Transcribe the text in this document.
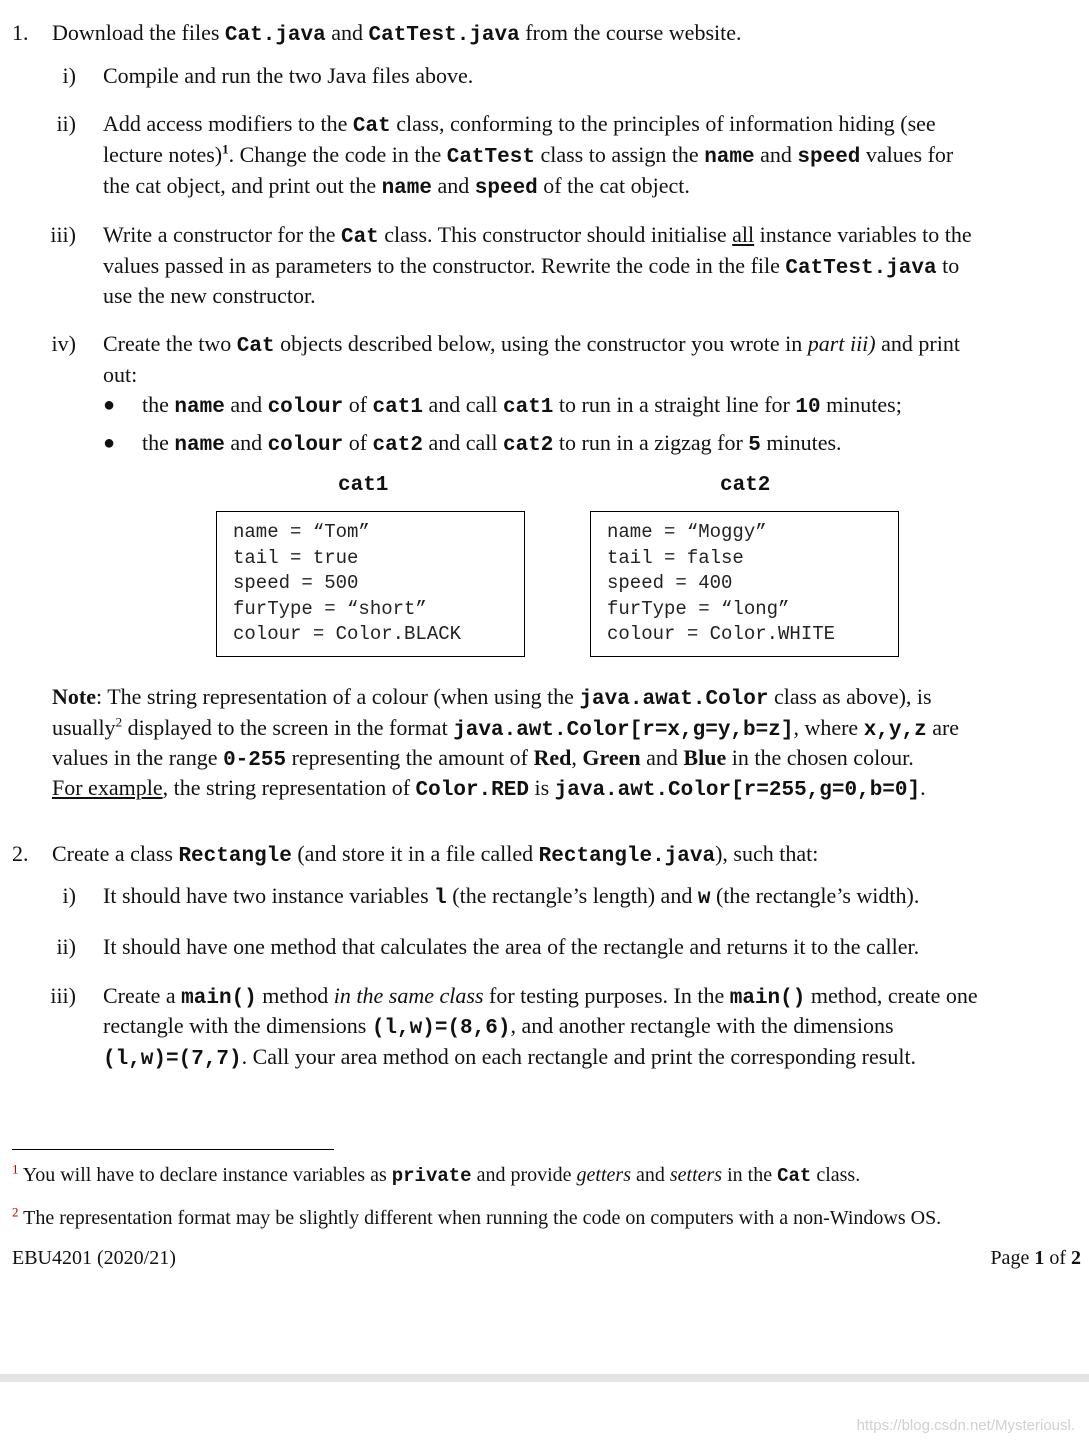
1. Download the files Cat.java and CatTest.java from the course website.
i) Compile and run the two Java files above.
ii) Add access modifiers to the Cat class, conforming to the principles of information hiding (see
lecture notes)$^1$. Change the code in the CatTest class to assign the name and speed values for
the cat object, and print out the name and speed of the cat object.
iii) Write a constructor for the Cat class. This constructor should initialise all instance variables to the
values passed in as parameters to the constructor. Rewrite the code in the file CatTest.java to
use the new constructor.
iv) Create the two Cat objects described below, using the constructor you wrote in part iii) and print
out:
● the name and colour of cat1 and call cat1 to run in a straight line for 10 minutes;
● the name and colour of cat2 and call cat2 to run in a zigzag for 5 minutes.
cat1	cat2
name = “Tom”
tail = true
speed = 500
furType = “short”
colour = Color.BLACK
name = “Moggy”
tail = false
speed = 400
furType = “long”
colour = Color.WHITE
Note: The string representation of a colour (when using the java.awat.Color class as above), is
usually$^2$ displayed to the screen in the format java.awt.Color[r=x,g=y,b=z], where x,y,z are
values in the range 0-255 representing the amount of Red, Green and Blue in the chosen colour.
For example, the string representation of Color.RED is java.awt.Color[r=255,g=0,b=0].
2. Create a class Rectangle (and store it in a file called Rectangle.java), such that:
i) It should have two instance variables l (the rectangle’s length) and w (the rectangle’s width).
ii) It should have one method that calculates the area of the rectangle and returns it to the caller.
iii) Create a main() method in the same class for testing purposes. In the main() method, create one
rectangle with the dimensions (l,w)=(8,6), and another rectangle with the dimensions
(l,w)=(7,7). Call your area method on each rectangle and print the corresponding result.
$^1$ You will have to declare instance variables as private and provide getters and setters in the Cat class.
$^2$ The representation format may be slightly different when running the code on computers with a non-Windows OS.
EBU4201 (2020/21)	Page 1 of 2
https://blog.csdn.net/Mysteriousl.
